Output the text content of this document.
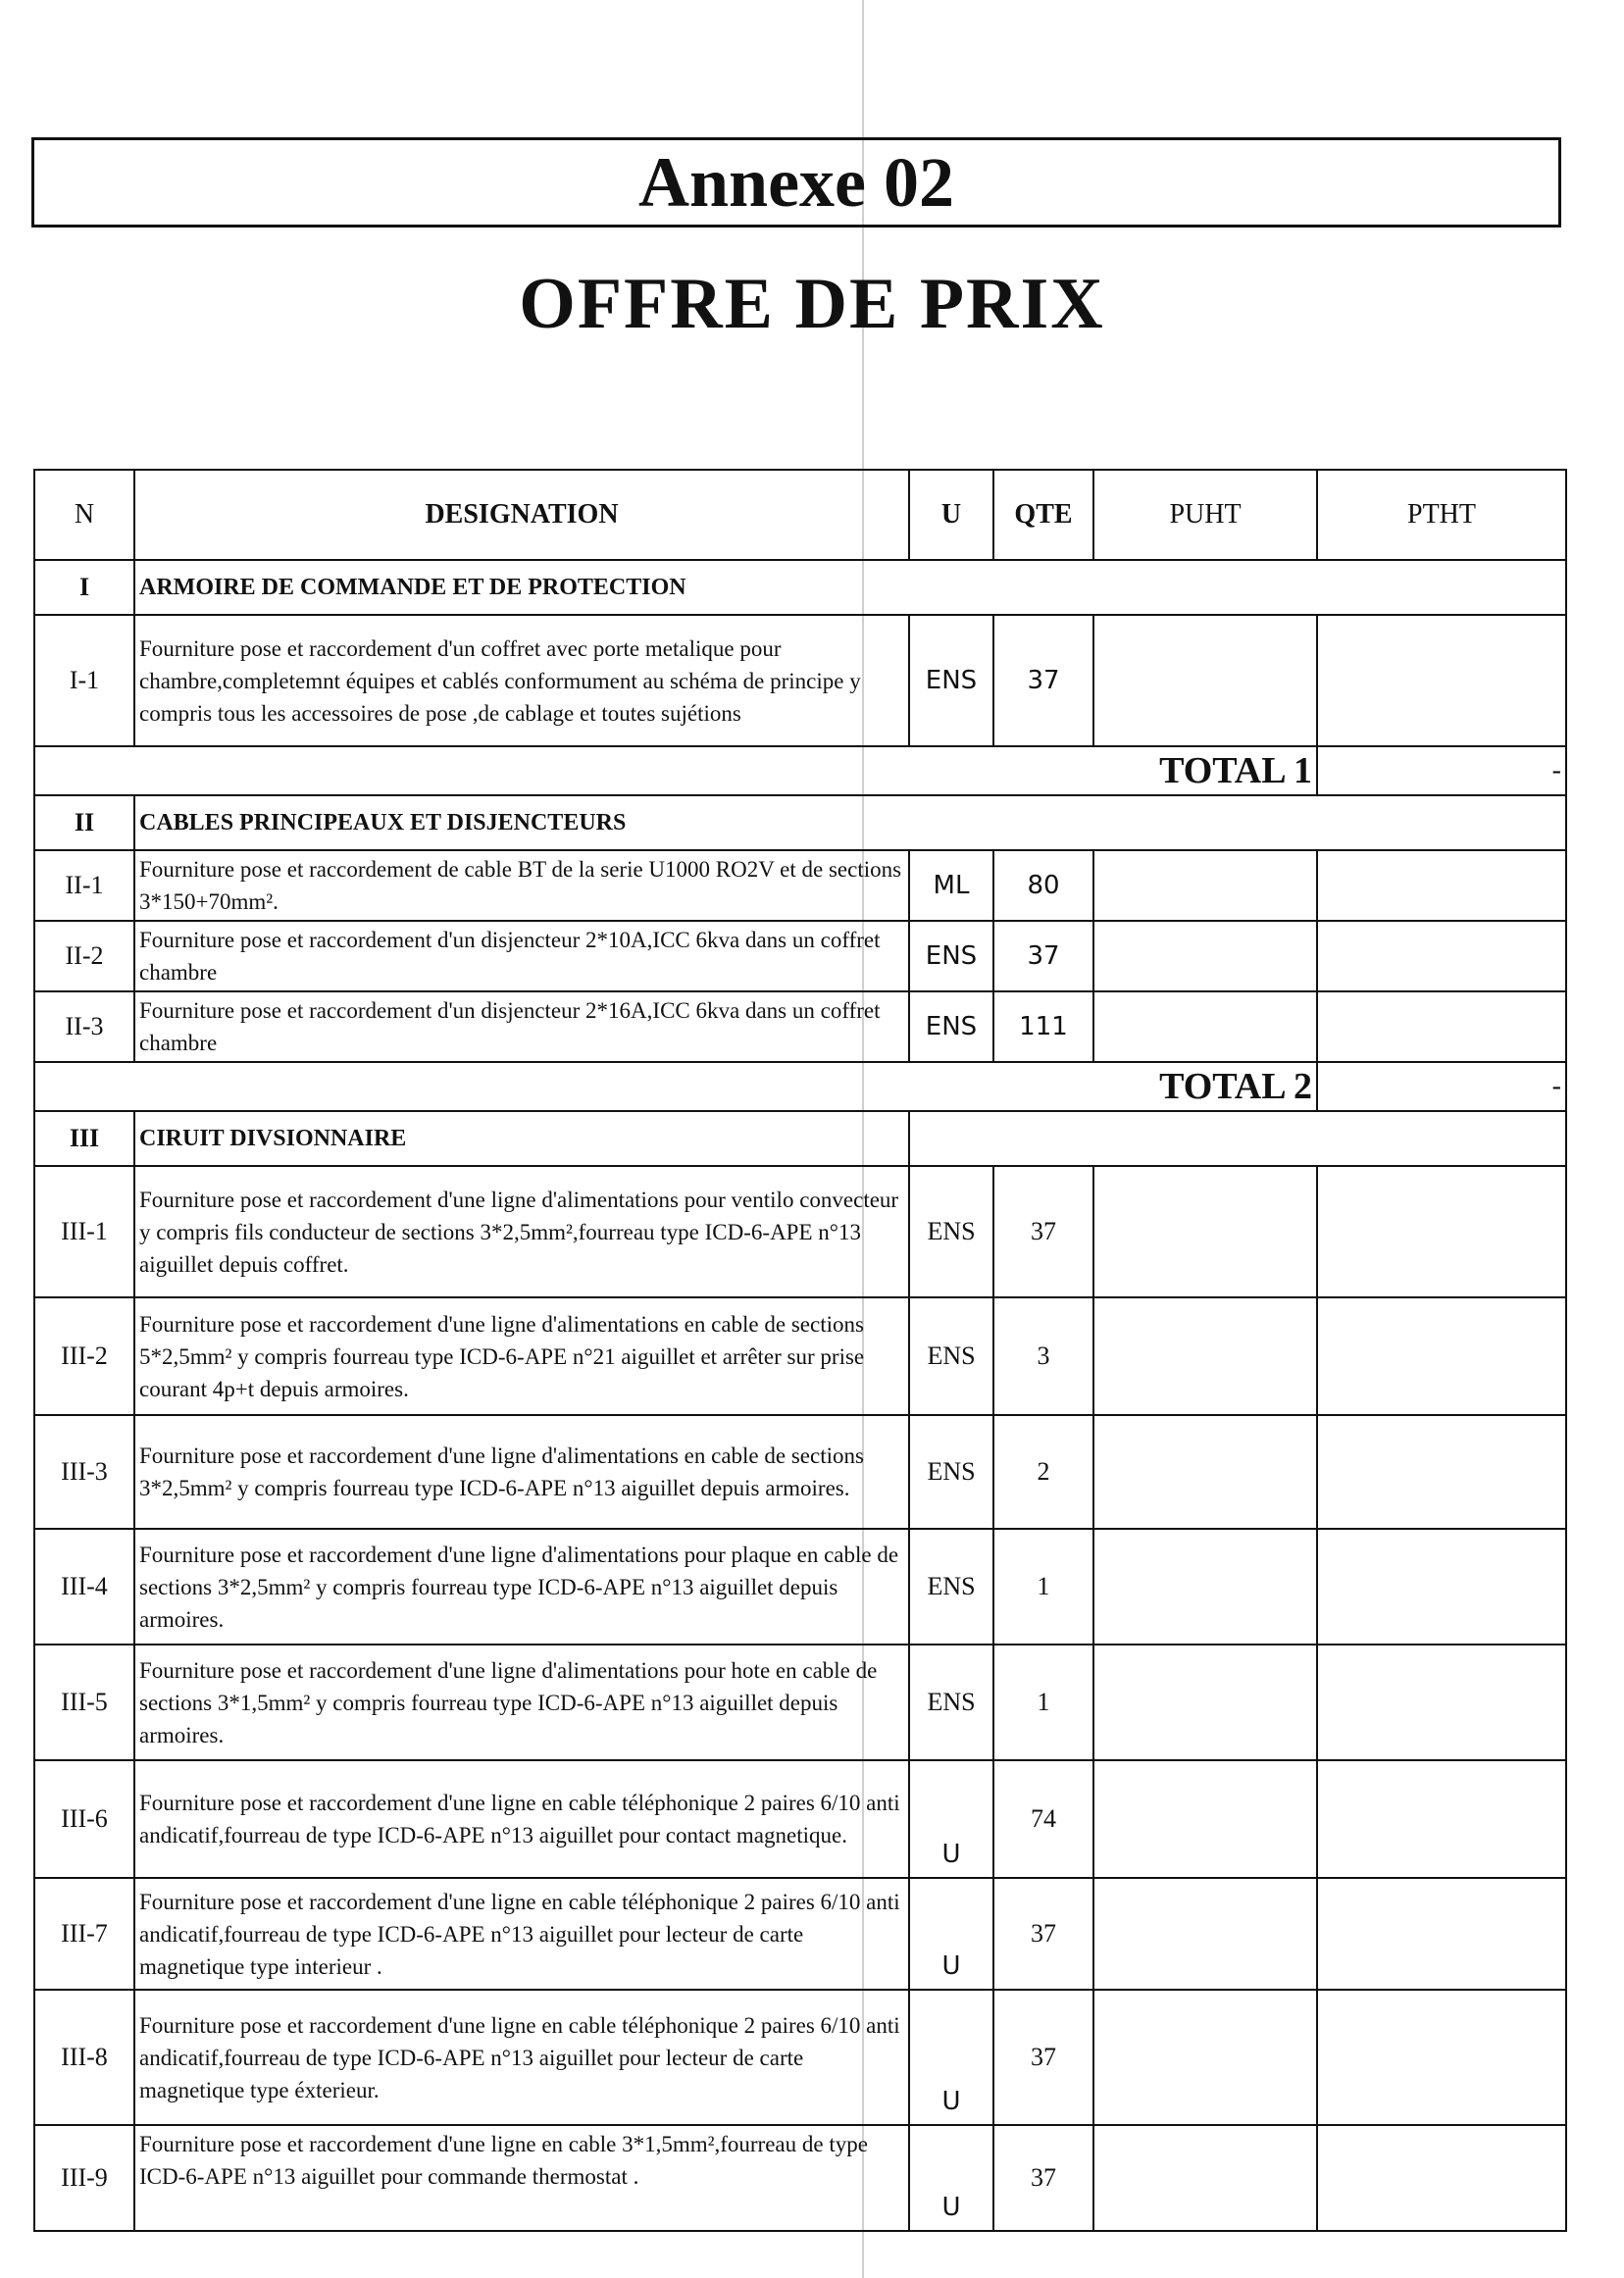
Annexe 02
OFFRE DE PRIX
N	DESIGNATION	U	QTE	PUHT	PTHT
I	ARMOIRE DE COMMANDE ET DE PROTECTION				
I-1	Fourniture pose et raccordement d'un coffret avec porte metalique pour chambre,completemnt équipes et cablés conformument au schéma de principe y compris tous les accessoires de pose ,de cablage et toutes sujétions	ENS	37		
TOTAL 1					-
II	CABLES PRINCIPEAUX ET DISJENCTEURS				
II-1	Fourniture pose et raccordement de cable BT de la serie U1000 RO2V et de sections 3*150+70mm².	ML	80		
II-2	Fourniture pose et raccordement d'un disjencteur 2*10A,ICC 6kva dans un coffret chambre	ENS	37		
II-3	Fourniture pose et raccordement d'un disjencteur 2*16A,ICC 6kva dans un coffret chambre	ENS	111		
TOTAL 2					-
III	CIRUIT DIVSIONNAIRE				
III-1	Fourniture pose et raccordement d'une ligne d'alimentations pour ventilo convecteur y compris fils conducteur de sections 3*2,5mm²,fourreau type ICD-6-APE n°13 aiguillet depuis coffret.	ENS	37		
III-2	Fourniture pose et raccordement d'une ligne d'alimentations en cable de sections 5*2,5mm² y compris fourreau type ICD-6-APE n°21 aiguillet et arrêter sur prise courant 4p+t depuis armoires.	ENS	3		
III-3	Fourniture pose et raccordement d'une ligne d'alimentations en cable de sections 3*2,5mm² y compris fourreau type ICD-6-APE n°13 aiguillet depuis armoires.	ENS	2		
III-4	Fourniture pose et raccordement d'une ligne d'alimentations pour plaque en cable de sections 3*2,5mm² y compris fourreau type ICD-6-APE n°13 aiguillet depuis armoires.	ENS	1		
III-5	Fourniture pose et raccordement d'une ligne d'alimentations pour hote en cable de sections 3*1,5mm² y compris fourreau type ICD-6-APE n°13 aiguillet depuis armoires.	ENS	1		
III-6	Fourniture pose et raccordement d'une ligne en cable téléphonique 2 paires 6/10 anti andicatif,fourreau de type ICD-6-APE n°13 aiguillet pour contact magnetique.	U	74		
III-7	Fourniture pose et raccordement d'une ligne en cable téléphonique 2 paires 6/10 anti andicatif,fourreau de type ICD-6-APE n°13 aiguillet pour lecteur de carte magnetique type interieur .	U	37		
III-8	Fourniture pose et raccordement d'une ligne en cable téléphonique 2 paires 6/10 anti andicatif,fourreau de type ICD-6-APE n°13 aiguillet pour lecteur de carte magnetique type éxterieur.	U	37		
III-9	Fourniture pose et raccordement d'une ligne en cable 3*1,5mm²,fourreau de type ICD-6-APE n°13 aiguillet pour commande thermostat .	U	37		
